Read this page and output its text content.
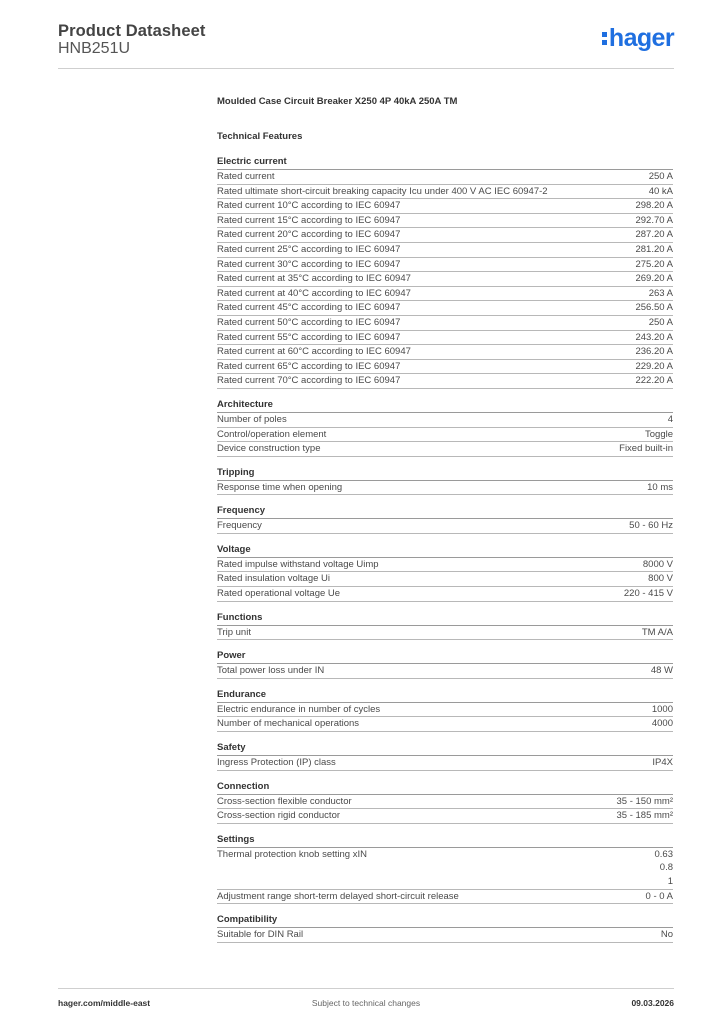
Product Datasheet
HNB251U	hager
Moulded Case Circuit Breaker X250 4P 40kA 250A TM
Technical Features
Electric current
Rated current	250 A
Rated ultimate short-circuit breaking capacity Icu under 400 V AC IEC 60947-2	40 kA
Rated current 10°C according to IEC 60947	298.20 A
Rated current 15°C according to IEC 60947	292.70 A
Rated current 20°C according to IEC 60947	287.20 A
Rated current 25°C according to IEC 60947	281.20 A
Rated current 30°C according to IEC 60947	275.20 A
Rated current at 35°C according to IEC 60947	269.20 A
Rated current at 40°C according to IEC 60947	263 A
Rated current 45°C according to IEC 60947	256.50 A
Rated current 50°C according to IEC 60947	250 A
Rated current 55°C according to IEC 60947	243.20 A
Rated current at 60°C according to IEC 60947	236.20 A
Rated current 65°C according to IEC 60947	229.20 A
Rated current 70°C according to IEC 60947	222.20 A
Architecture
Number of poles	4
Control/operation element	Toggle
Device construction type	Fixed built-in
Tripping
Response time when opening	10 ms
Frequency
Frequency	50 - 60 Hz
Voltage
Rated impulse withstand voltage Uimp	8000 V
Rated insulation voltage Ui	800 V
Rated operational voltage Ue	220 - 415 V
Functions
Trip unit	TM A/A
Power
Total power loss under IN	48 W
Endurance
Electric endurance in number of cycles	1000
Number of mechanical operations	4000
Safety
Ingress Protection (IP) class	IP4X
Connection
Cross-section flexible conductor	35 - 150 mm²
Cross-section rigid conductor	35 - 185 mm²
Settings
Thermal protection knob setting xIN	0.63
0.8
1
Adjustment range short-term delayed short-circuit release	0 - 0 A
Compatibility
Suitable for DIN Rail	No
hager.com/middle-east	Subject to technical changes	09.03.2026
